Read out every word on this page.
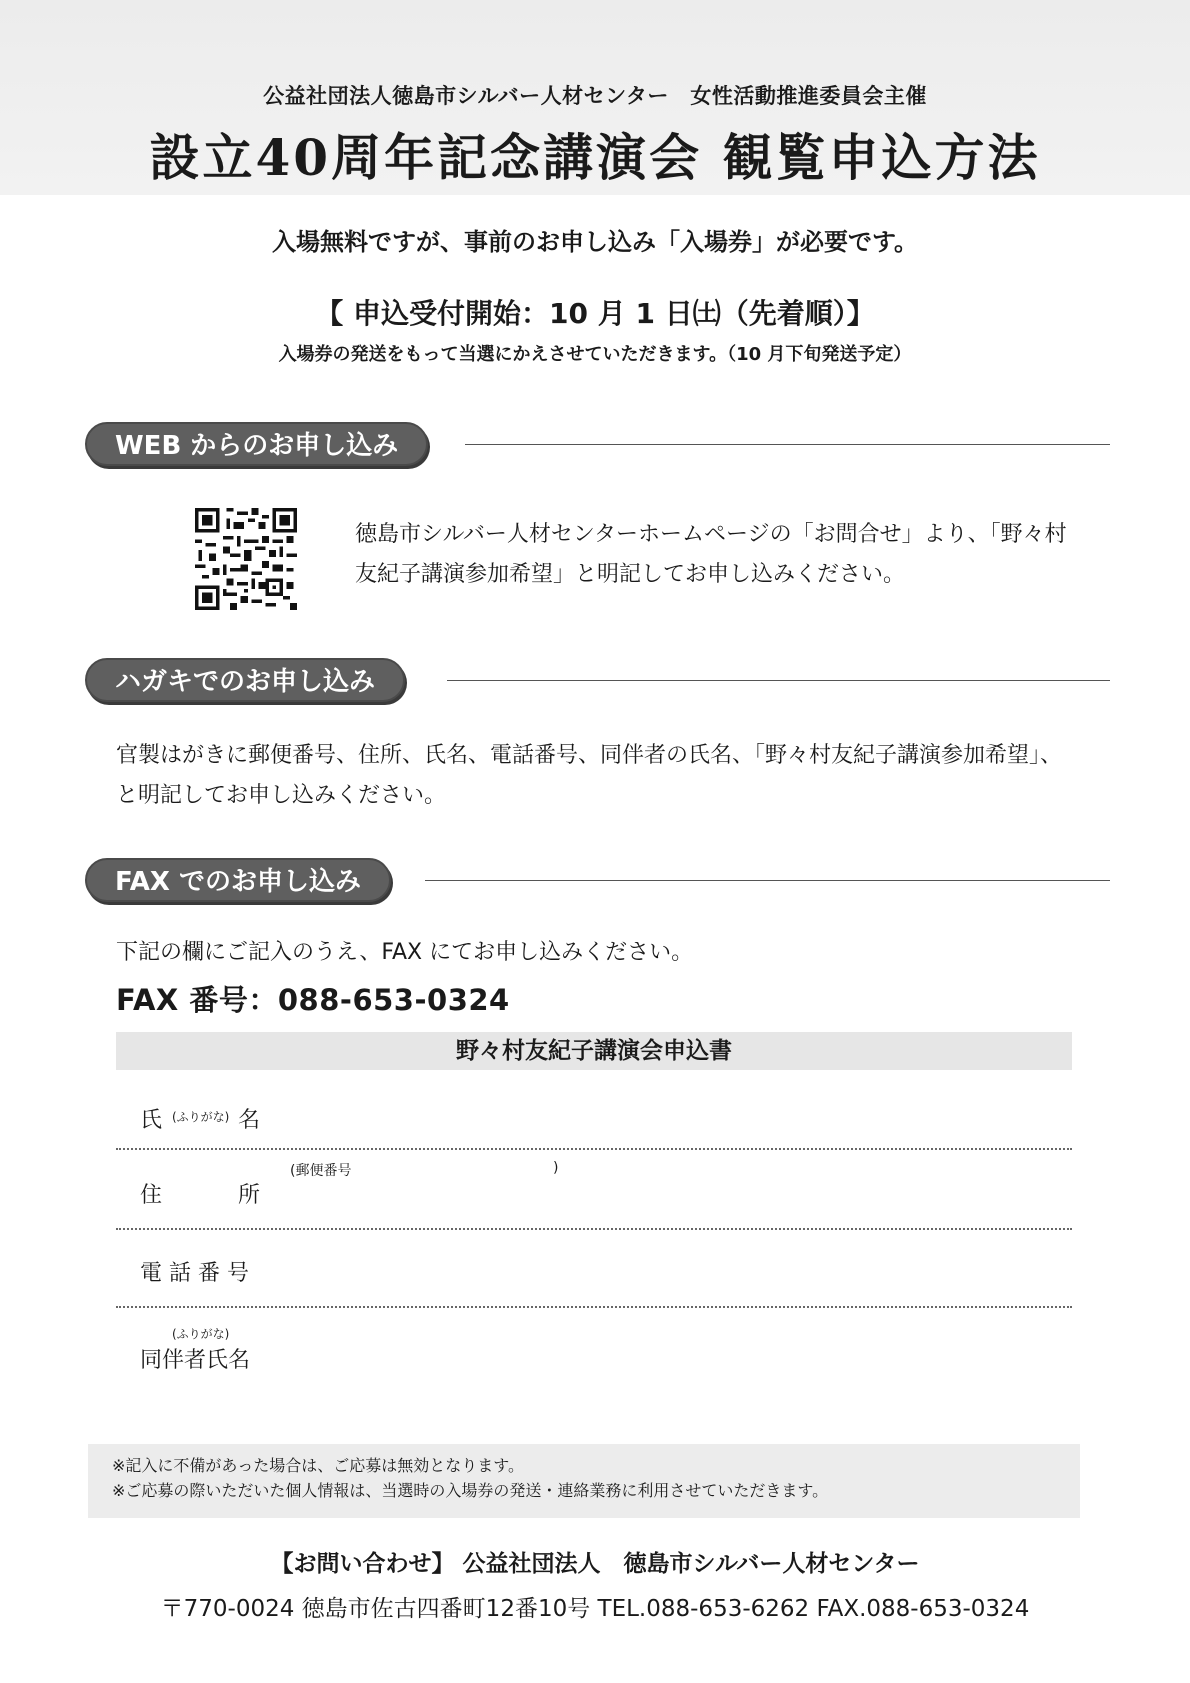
公益社団法人徳島市シルバー人材センター　女性活動推進委員会主催
設立40周年記念講演会 観覧申込方法
入場無料ですが、事前のお申し込み「入場券」が必要です。
【 申込受付開始：10 月 1 日㈯（先着順）】
入場券の発送をもって当選にかえさせていただきます。（10 月下旬発送予定）
WEB からのお申し込み
徳島市シルバー人材センターホームページの「お問合せ」より、「野々村
友紀子講演参加希望」と明記してお申し込みください。
ハガキでのお申し込み
官製はがきに郵便番号、住所、氏名、電話番号、同伴者の氏名、「野々村友紀子講演参加希望」、
と明記してお申し込みください。
FAX でのお申し込み
下記の欄にご記入のうえ、FAX にてお申し込みください。
FAX 番号：088-653-0324
野々村友紀子講演会申込書
(ふりがな)
氏	名
住	所
(郵便番号	)
電 話 番 号
(ふりがな)
同伴者氏名
※記入に不備があった場合は、ご応募は無効となります。
※ご応募の際いただいた個人情報は、当選時の入場券の発送・連絡業務に利用させていただきます。
【お問い合わせ】 公益社団法人　徳島市シルバー人材センター
〒770-0024 徳島市佐古四番町12番10号 TEL.088-653-6262 FAX.088-653-0324
